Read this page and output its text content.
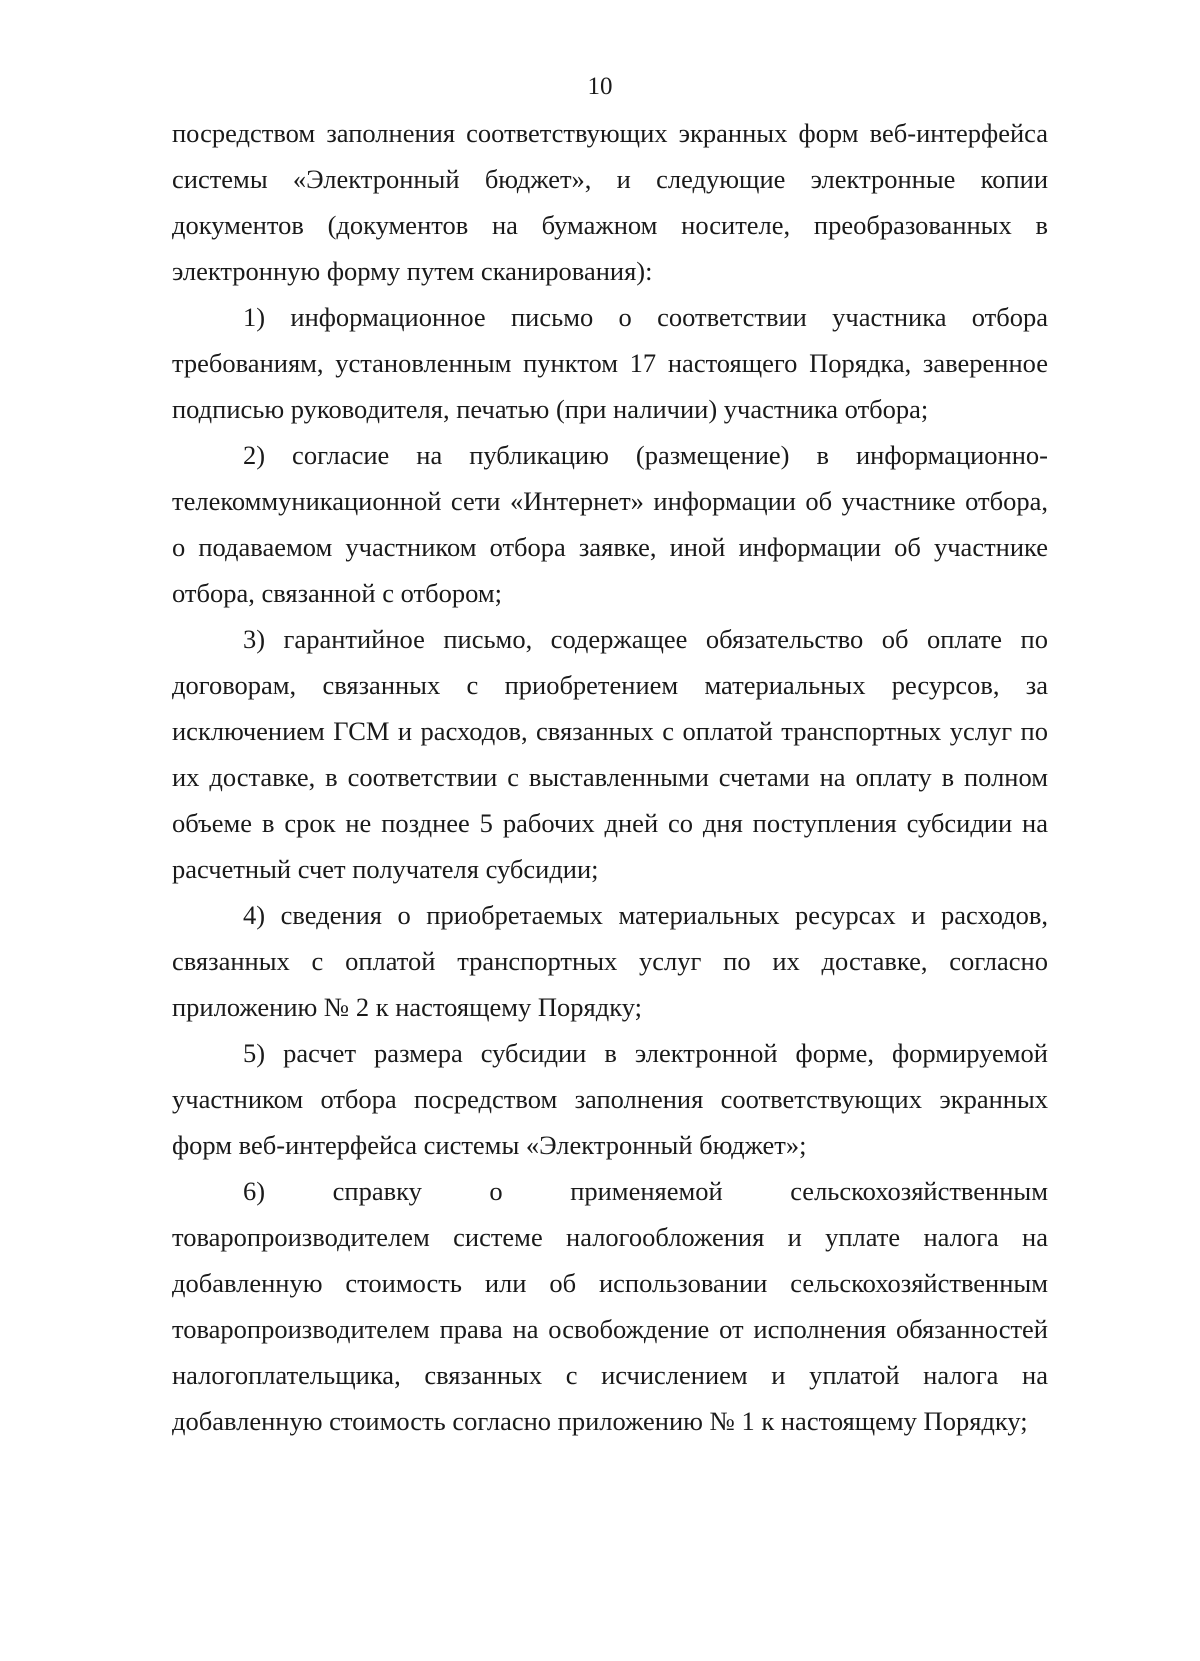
10

посредством заполнения соответствующих экранных форм веб-интерфейса системы «Электронный бюджет», и следующие электронные копии документов (документов на бумажном носителе, преобразованных в электронную форму путем сканирования):

1) информационное письмо о соответствии участника отбора требованиям, установленным пунктом 17 настоящего Порядка, заверенное подписью руководителя, печатью (при наличии) участника отбора;

2) согласие на публикацию (размещение) в информационно-телекоммуникационной сети «Интернет» информации об участнике отбора, о подаваемом участником отбора заявке, иной информации об участнике отбора, связанной с отбором;

3) гарантийное письмо, содержащее обязательство об оплате по договорам, связанных с приобретением материальных ресурсов, за исключением ГСМ и расходов, связанных с оплатой транспортных услуг по их доставке, в соответствии с выставленными счетами на оплату в полном объеме в срок не позднее 5 рабочих дней со дня поступления субсидии на расчетный счет получателя субсидии;

4) сведения о приобретаемых материальных ресурсах и расходов, связанных с оплатой транспортных услуг по их доставке, согласно приложению № 2 к настоящему Порядку;

5) расчет размера субсидии в электронной форме, формируемой участником отбора посредством заполнения соответствующих экранных форм веб-интерфейса системы «Электронный бюджет»;

6) справку о применяемой сельскохозяйственным товаропроизводителем системе налогообложения и уплате налога на добавленную стоимость или об использовании сельскохозяйственным товаропроизводителем права на освобождение от исполнения обязанностей налогоплательщика, связанных с исчислением и уплатой налога на добавленную стоимость согласно приложению № 1 к настоящему Порядку;
